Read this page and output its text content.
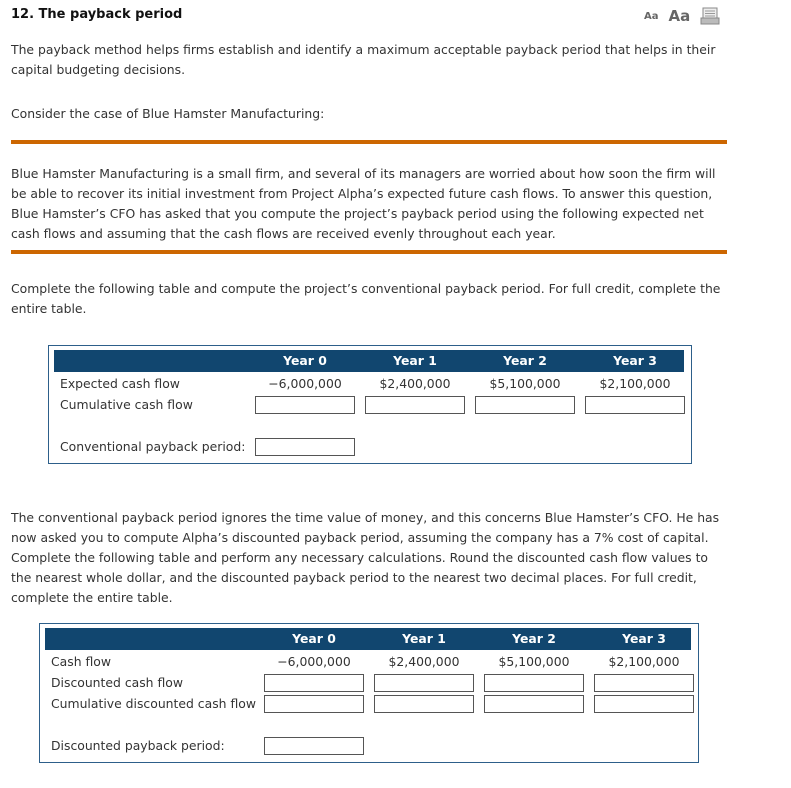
12. The payback period	Aa Aa

The payback method helps firms establish and identify a maximum acceptable payback period that helps in their capital budgeting decisions.

Consider the case of Blue Hamster Manufacturing:

Blue Hamster Manufacturing is a small firm, and several of its managers are worried about how soon the firm will be able to recover its initial investment from Project Alpha’s expected future cash flows. To answer this question, Blue Hamster’s CFO has asked that you compute the project’s payback period using the following expected net cash flows and assuming that the cash flows are received evenly throughout each year.

Complete the following table and compute the project’s conventional payback period. For full credit, complete the entire table.

Year 0	Year 1	Year 2	Year 3
Expected cash flow	−6,000,000	$2,400,000	$5,100,000	$2,100,000
Cumulative cash flow
Conventional payback period:

The conventional payback period ignores the time value of money, and this concerns Blue Hamster’s CFO. He has now asked you to compute Alpha’s discounted payback period, assuming the company has a 7% cost of capital. Complete the following table and perform any necessary calculations. Round the discounted cash flow values to the nearest whole dollar, and the discounted payback period to the nearest two decimal places. For full credit, complete the entire table.

Year 0	Year 1	Year 2	Year 3
Cash flow	−6,000,000	$2,400,000	$5,100,000	$2,100,000
Discounted cash flow
Cumulative discounted cash flow
Discounted payback period:
